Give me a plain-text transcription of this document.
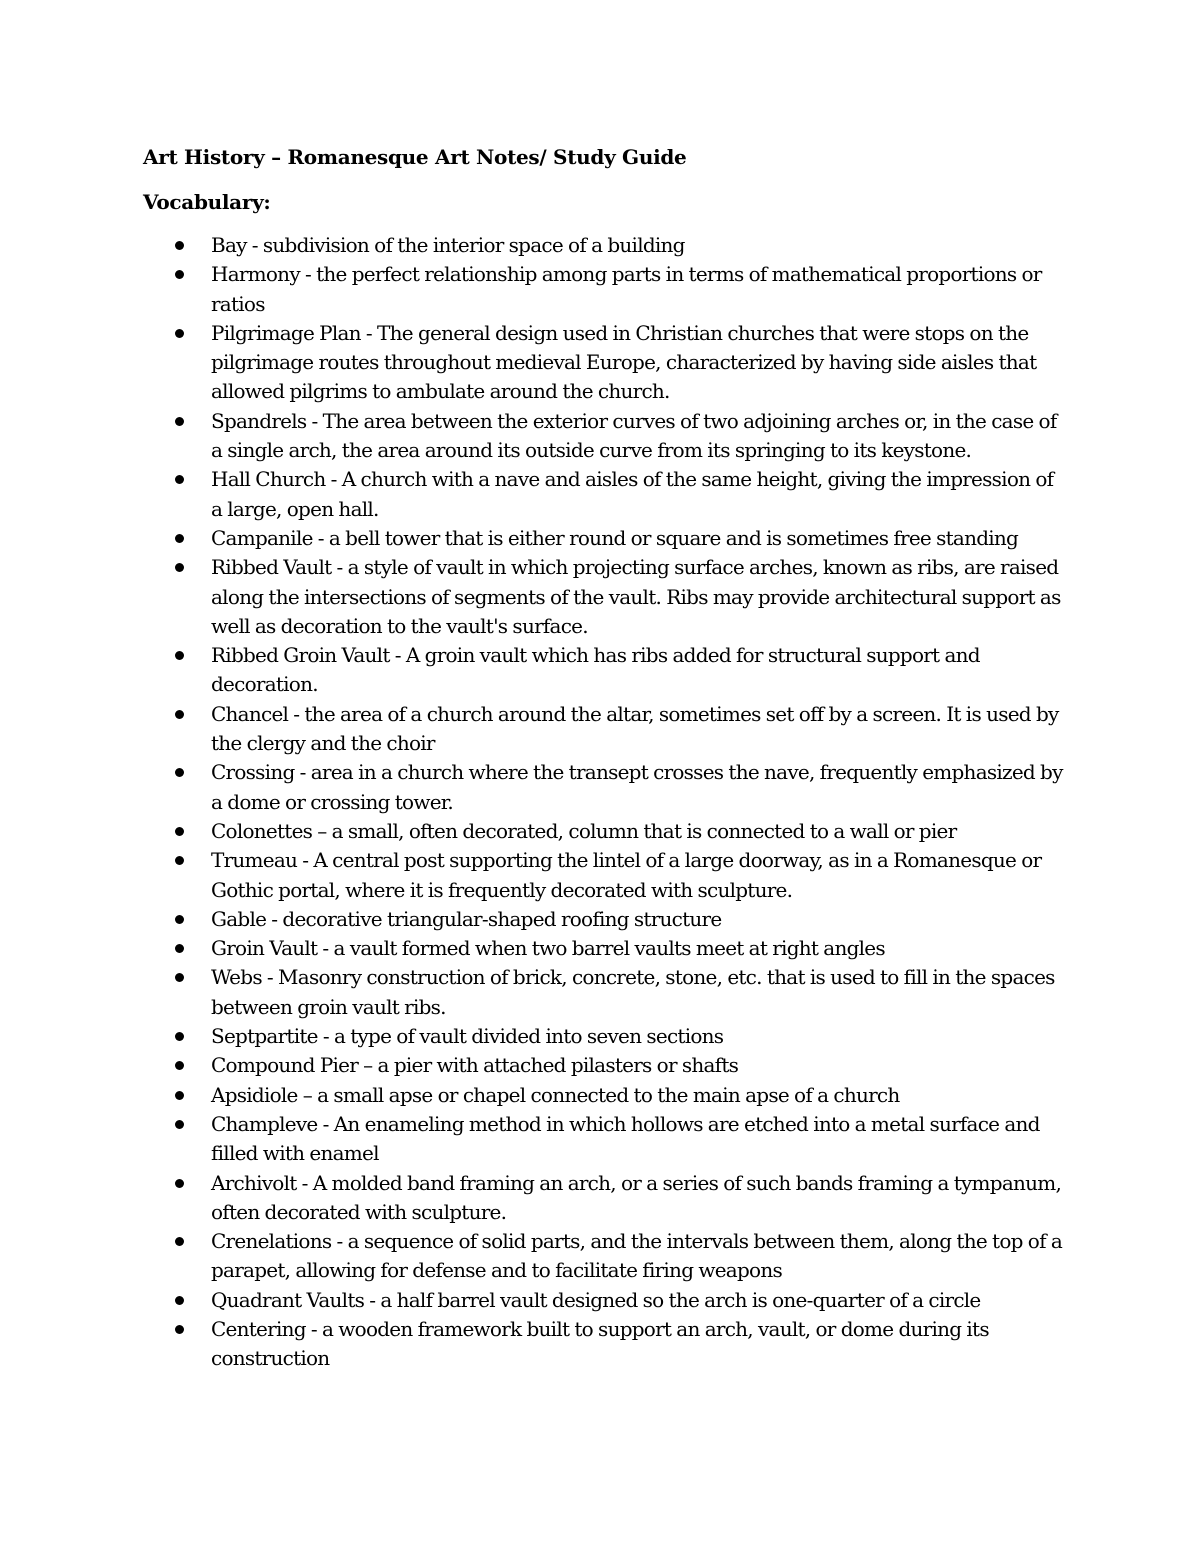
Art History – Romanesque Art Notes/ Study Guide
Vocabulary:
Bay - subdivision of the interior space of a building
Harmony - the perfect relationship among parts in terms of mathematical proportions or ratios
Pilgrimage Plan - The general design used in Christian churches that were stops on the pilgrimage routes throughout medieval Europe, characterized by having side aisles that allowed pilgrims to ambulate around the church.
Spandrels - The area between the exterior curves of two adjoining arches or, in the case of a single arch, the area around its outside curve from its springing to its keystone.
Hall Church - A church with a nave and aisles of the same height, giving the impression of a large, open hall.
Campanile - a bell tower that is either round or square and is sometimes free standing
Ribbed Vault - a style of vault in which projecting surface arches, known as ribs, are raised along the intersections of segments of the vault. Ribs may provide architectural support as well as decoration to the vault's surface.
Ribbed Groin Vault - A groin vault which has ribs added for structural support and decoration.
Chancel - the area of a church around the altar, sometimes set off by a screen. It is used by the clergy and the choir
Crossing - area in a church where the transept crosses the nave, frequently emphasized by a dome or crossing tower.
Colonettes – a small, often decorated, column that is connected to a wall or pier
Trumeau - A central post supporting the lintel of a large doorway, as in a Romanesque or Gothic portal, where it is frequently decorated with sculpture.
Gable - decorative triangular-shaped roofing structure
Groin Vault - a vault formed when two barrel vaults meet at right angles
Webs - Masonry construction of brick, concrete, stone, etc. that is used to fill in the spaces between groin vault ribs.
Septpartite - a type of vault divided into seven sections
Compound Pier – a pier with attached pilasters or shafts
Apsidiole – a small apse or chapel connected to the main apse of a church
Champleve - An enameling method in which hollows are etched into a metal surface and filled with enamel
Archivolt - A molded band framing an arch, or a series of such bands framing a tympanum, often decorated with sculpture.
Crenelations - a sequence of solid parts, and the intervals between them, along the top of a parapet, allowing for defense and to facilitate firing weapons
Quadrant Vaults - a half barrel vault designed so the arch is one-quarter of a circle
Centering - a wooden framework built to support an arch, vault, or dome during its construction
